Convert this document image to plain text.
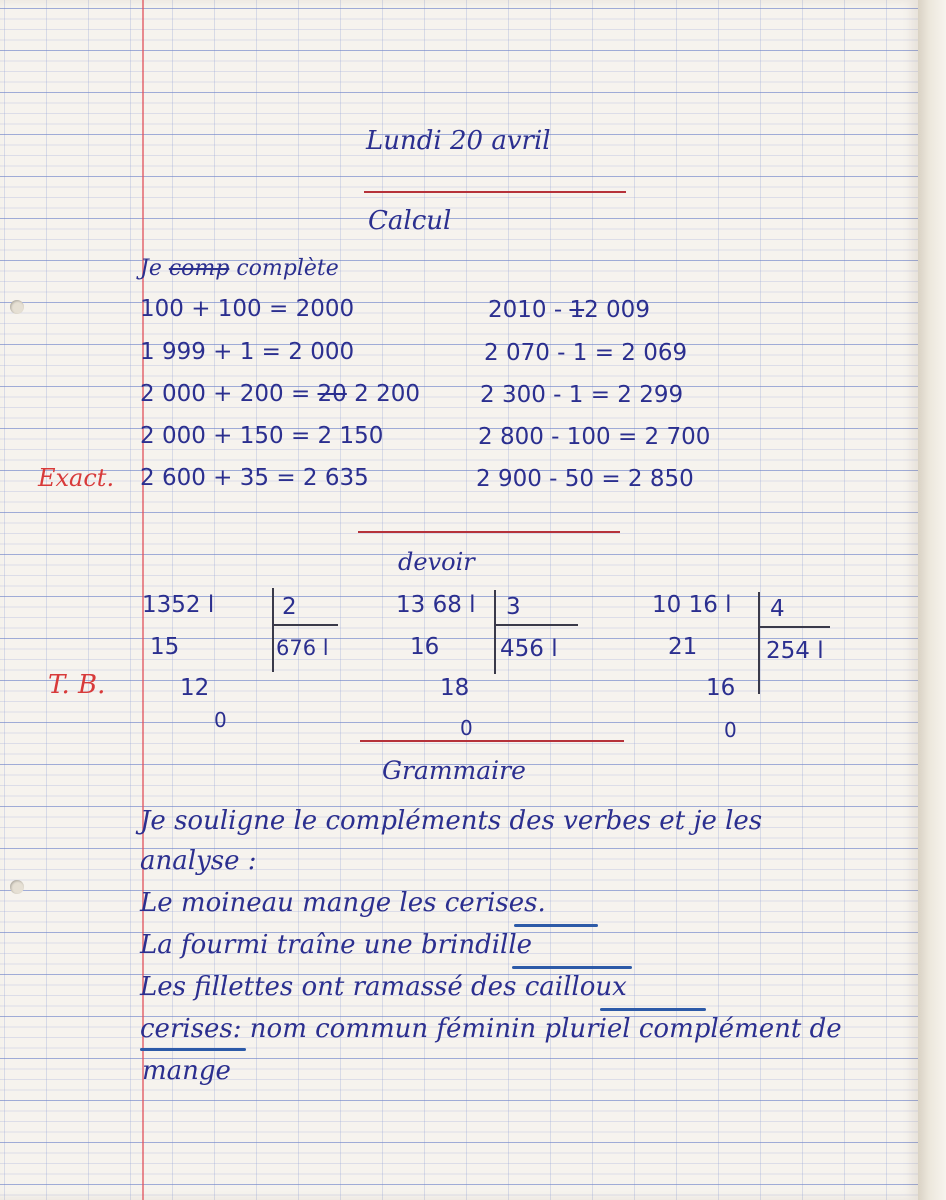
Lundi 20 avril
Calcul
Je comp complète
100 + 100 = 2000
1 999 + 1 = 2 000
2 000 + 200 = 20 2 200
2 000 + 150 = 2 150
Exact. 2 600 + 35 = 2 635
2010 - 12 009
2 070 - 1 = 2 069
2 300 - 1 = 2 299
2 800 - 100 = 2 700
2 900 - 50 = 2 850
devoir
T. B.
1352 l	2
676 l
15
12
0
13 68 l 3
456 l
16
18
0
10 16 l 4
254 l
21
16
0
Grammaire
Je souligne le compléments des verbes et je les
analyse :
Le moineau mange les cerises.
La fourmi traîne une brindille
Les fillettes ont ramassé des cailloux
cerises: nom commun féminin pluriel complément de
mange
